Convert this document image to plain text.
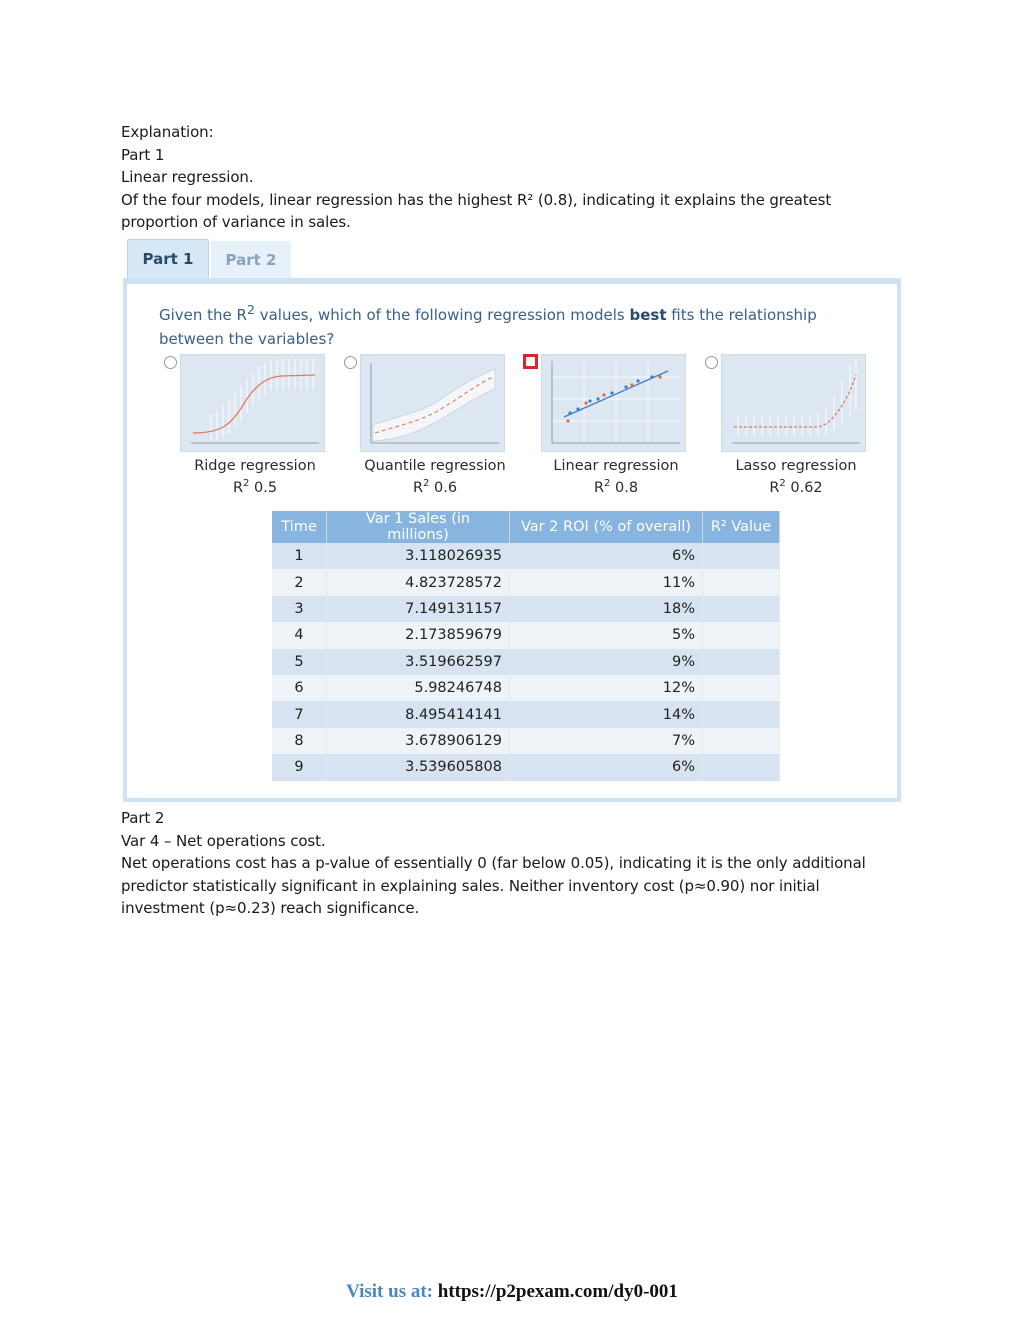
Explanation:

Part 1

Linear regression.

Of the four models, linear regression has the highest R² (0.8), indicating it explains the greatest

proportion of variance in sales.

Part 1	Part 2
Given the $R^2$ values, which of the following regression models best fits the relationship between the variables?
Ridge regression
$R^2$ 0.5
Quantile regression
$R^2$ 0.6
Linear regression
$R^2$ 0.8
Lasso regression
$R^2$ 0.62
Time	Var 1 Sales (in millions)	Var 2 ROI (% of overall)	R² Value
1	3.118026935	6%	
2	4.823728572	11%	
3	7.149131157	18%	
4	2.173859679	5%	
5	3.519662597	9%	
6	5.98246748	12%	
7	8.495414141	14%	
8	3.678906129	7%	
9	3.539605808	6%	

Part 2

Var 4 – Net operations cost.

Net operations cost has a p-value of essentially 0 (far below 0.05), indicating it is the only additional

predictor statistically significant in explaining sales. Neither inventory cost (p≈0.90) nor initial

investment (p≈0.23) reach significance.

Visit us at: https://p2pexam.com/dy0-001
